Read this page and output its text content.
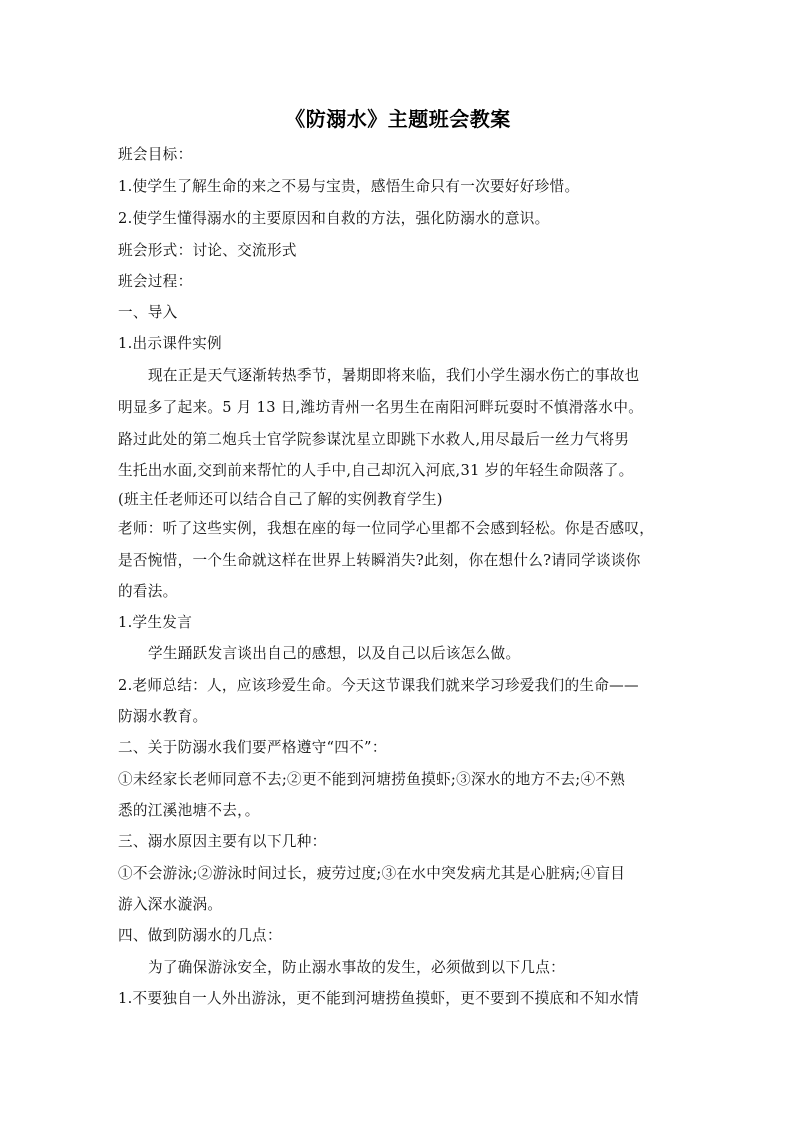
《防溺水》主题班会教案
班会目标：
1.使学生了解生命的来之不易与宝贵，感悟生命只有一次要好好珍惜。
2.使学生懂得溺水的主要原因和自救的方法，强化防溺水的意识。
班会形式：讨论、交流形式
班会过程：
一、导入
1.出示课件实例
现在正是天气逐渐转热季节，暑期即将来临，我们小学生溺水伤亡的事故也
明显多了起来。5 月 13 日,潍坊青州一名男生在南阳河畔玩耍时不慎滑落水中。
路过此处的第二炮兵士官学院参谋沈星立即跳下水救人,用尽最后一丝力气将男
生托出水面,交到前来帮忙的人手中,自己却沉入河底,31 岁的年轻生命陨落了。
(班主任老师还可以结合自己了解的实例教育学生)
老师：听了这些实例，我想在座的每一位同学心里都不会感到轻松。你是否感叹，
是否惋惜，一个生命就这样在世界上转瞬消失?此刻，你在想什么?请同学谈谈你
的看法。
1.学生发言
学生踊跃发言谈出自己的感想，以及自己以后该怎么做。
2.老师总结：人，应该珍爱生命。今天这节课我们就来学习珍爱我们的生命——
防溺水教育。
二、关于防溺水我们要严格遵守“四不”：
①未经家长老师同意不去;②更不能到河塘捞鱼摸虾;③深水的地方不去;④不熟
悉的江溪池塘不去，。
三、溺水原因主要有以下几种：
①不会游泳;②游泳时间过长，疲劳过度;③在水中突发病尤其是心脏病;④盲目
游入深水漩涡。
四、做到防溺水的几点：
为了确保游泳安全，防止溺水事故的发生，必须做到以下几点：
1.不要独自一人外出游泳，更不能到河塘捞鱼摸虾，更不要到不摸底和不知水情
